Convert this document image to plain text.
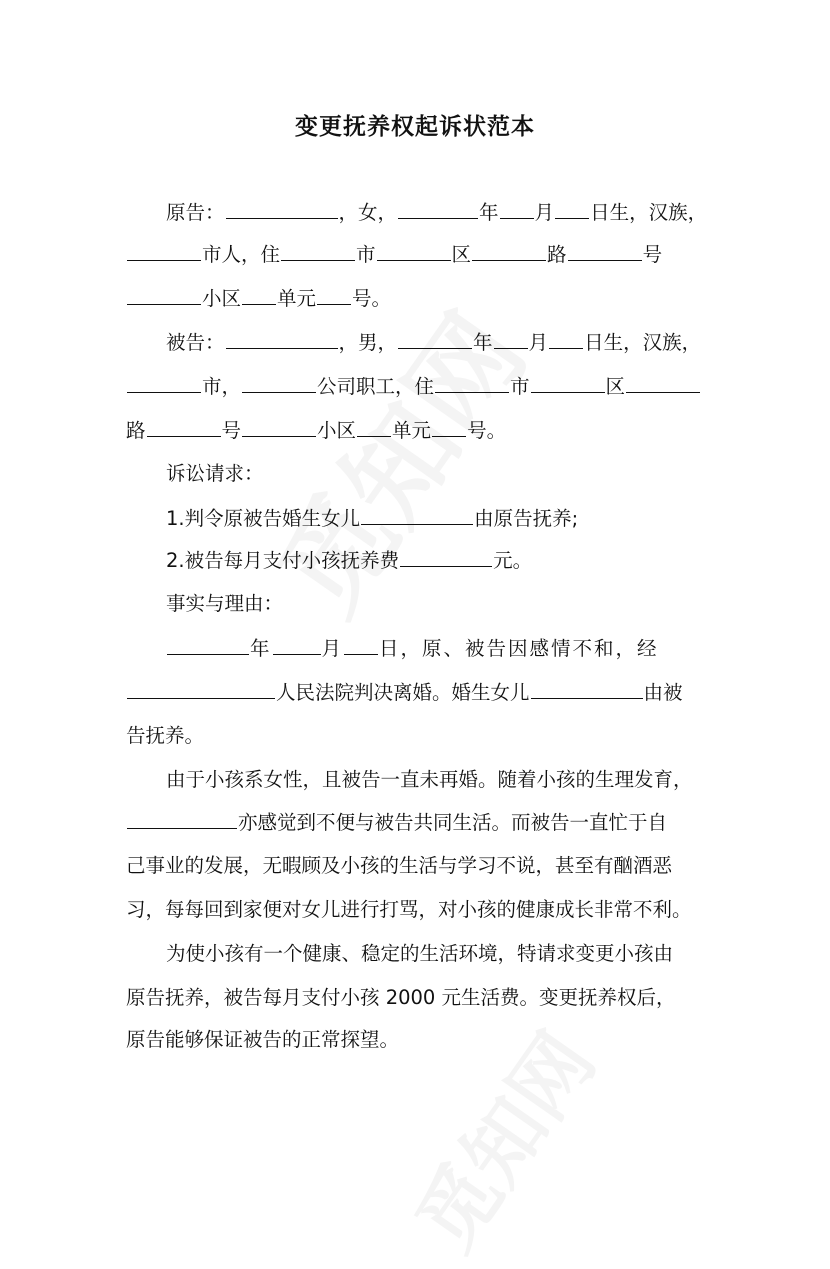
变更抚养权起诉状范本
原告：	，女，	年 月 日生，汉族，
市人，住	市	区	路	号
小区 单元 号。
被告：	，男，	年 月 日生，汉族，
市，	公司职工，住	市	区
路	号	小区 单元 号。
诉讼请求：
1.判令原被告婚生女儿	由原告抚养;
2.被告每月支付小孩抚养费	元。
事实与理由：
年	月 日，原、被告因感情不和，经
人民法院判决离婚。婚生女儿	由被
告抚养。
由于小孩系女性，且被告一直未再婚。随着小孩的生理发育，
亦感觉到不便与被告共同生活。而被告一直忙于自
己事业的发展，无暇顾及小孩的生活与学习不说，甚至有酗酒恶
习，每每回到家便对女儿进行打骂，对小孩的健康成长非常不利。
为使小孩有一个健康、稳定的生活环境，特请求变更小孩由
原告抚养，被告每月支付小孩 2000 元生活费。变更抚养权后，
原告能够保证被告的正常探望。
